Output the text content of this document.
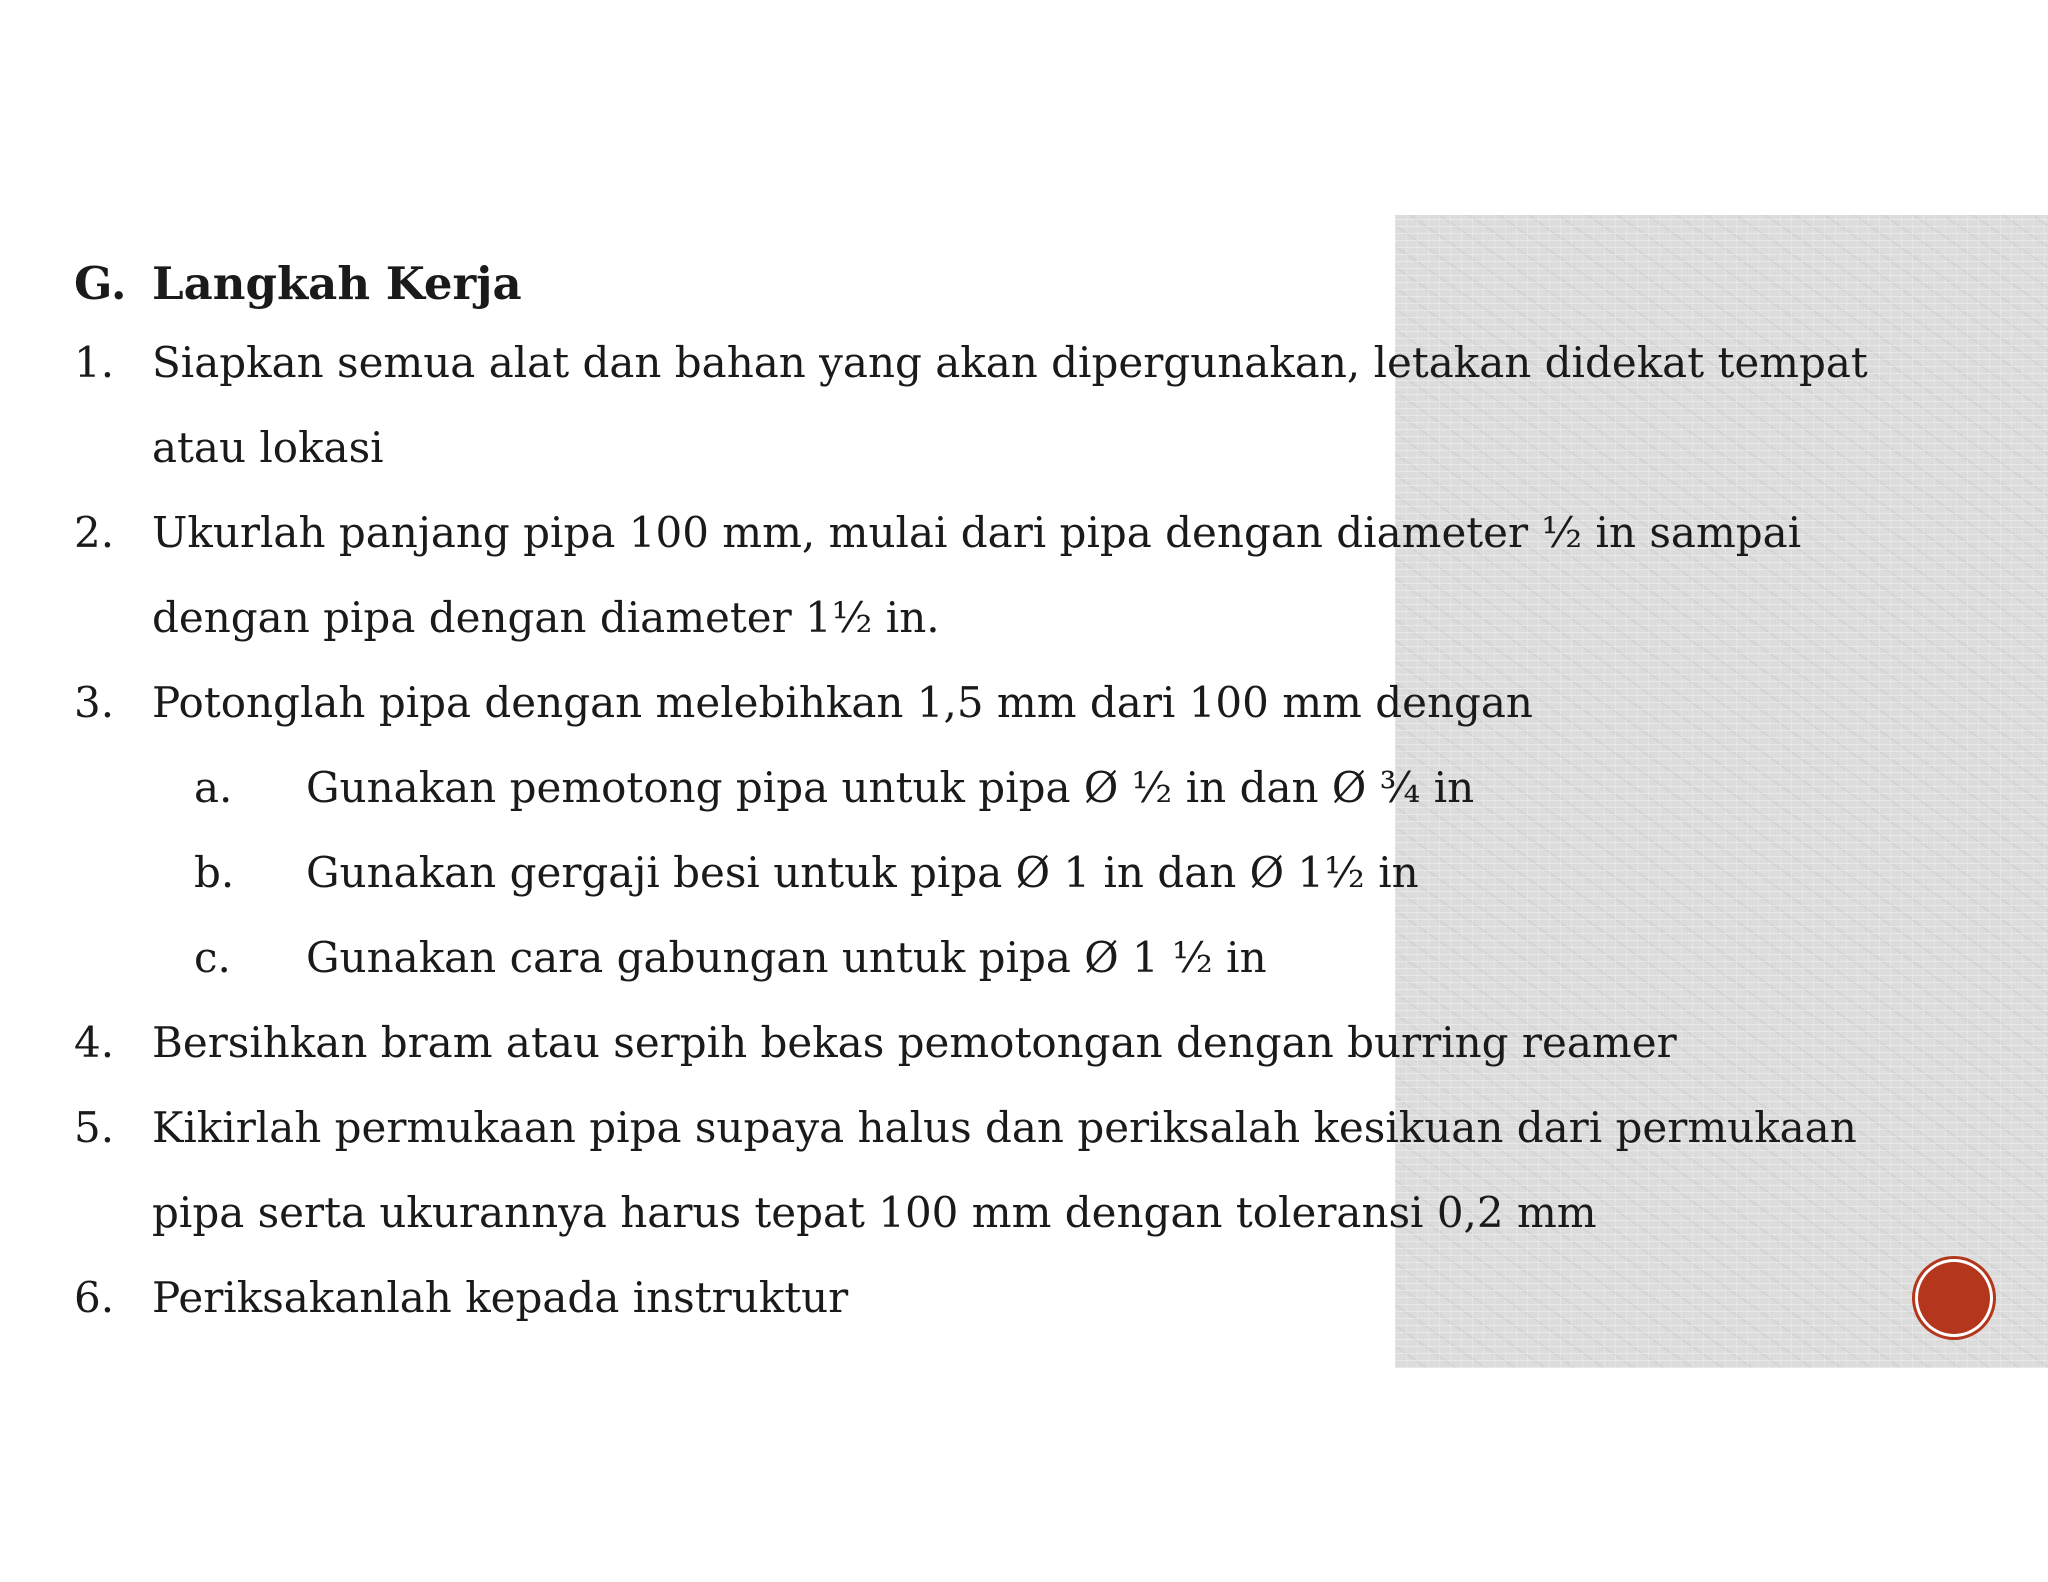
G. Langkah Kerja
1. Siapkan semua alat dan bahan yang akan dipergunakan, letakan didekat tempat
atau lokasi
2. Ukurlah panjang pipa 100 mm, mulai dari pipa dengan diameter ½ in sampai
dengan pipa dengan diameter 1½ in.
3. Potonglah pipa dengan melebihkan 1,5 mm dari 100 mm dengan
a.	Gunakan pemotong pipa untuk pipa Ø ½ in dan Ø ¾ in
b.	Gunakan gergaji besi untuk pipa Ø 1 in dan Ø 1½ in
c.	Gunakan cara gabungan untuk pipa Ø 1 ½ in
4. Bersihkan bram atau serpih bekas pemotongan dengan burring reamer
5. Kikirlah permukaan pipa supaya halus dan periksalah kesikuan dari permukaan
pipa serta ukurannya harus tepat 100 mm dengan toleransi 0,2 mm
6. Periksakanlah kepada instruktur
